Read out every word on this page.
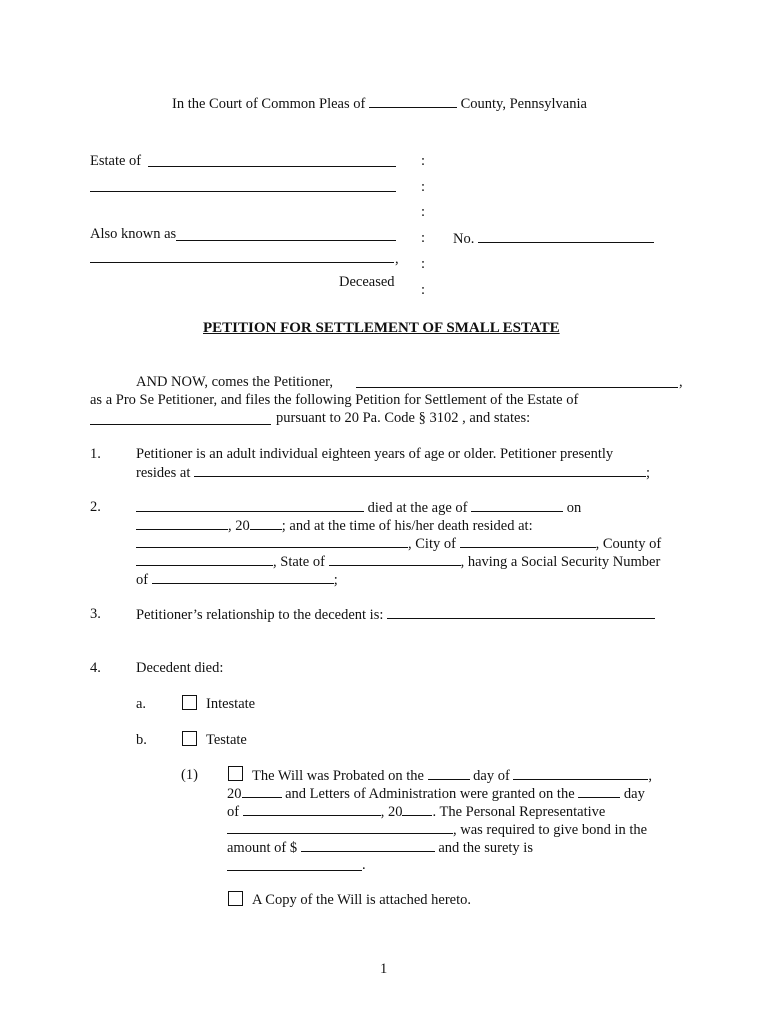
In the Court of Common Pleas of	County, Pennsylvania
Estate of
Also known as
,
Deceased
:
:
:
:
:
:
No.
PETITION FOR SETTLEMENT OF SMALL ESTATE
AND NOW, comes the Petitioner,	,
as a Pro Se Petitioner, and files the following Petition for Settlement of the Estate of
pursuant to 20 Pa. Code § 3102 , and states:
1. Petitioner is an adult individual eighteen years of age or older. Petitioner presently
resides at	;
2.	died at the age of	on
, 20 ; and at the time of his/her death resided at:
, City of	, County of
, State of	, having a Social Security Number
of	;
3. Petitioner’s relationship to the decedent is:
4. Decedent died:
a.	Intestate
b.	Testate
(1)	The Will was Probated on the	day of	,
20	and Letters of Administration were granted on the	day
of	, 20 . The Personal Representative
, was required to give bond in the
amount of $	and the surety is
.
A Copy of the Will is attached hereto.
1
